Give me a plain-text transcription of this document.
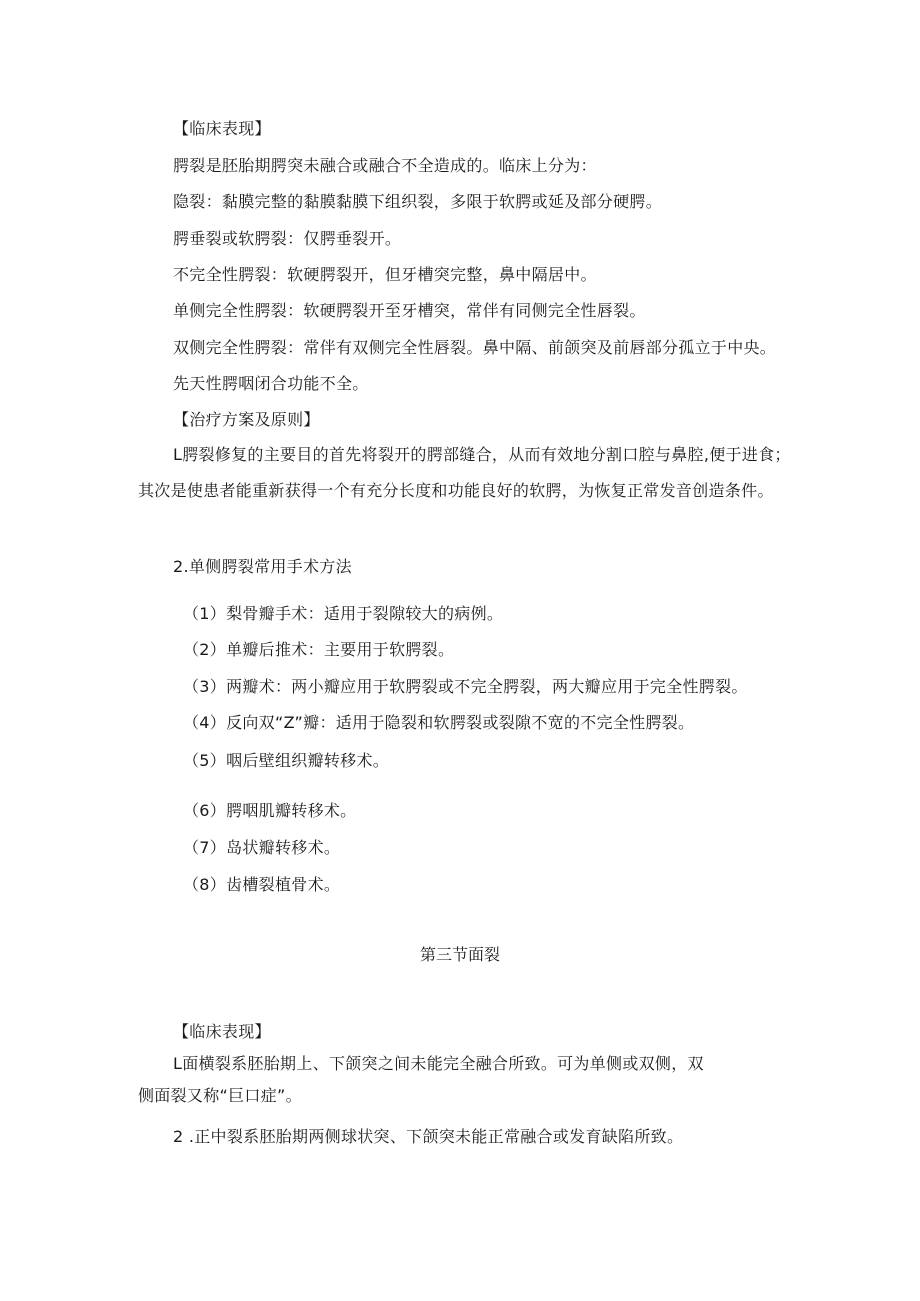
【临床表现】
腭裂是胚胎期腭突未融合或融合不全造成的。临床上分为：
隐裂：黏膜完整的黏膜黏膜下组织裂，多限于软腭或延及部分硬腭。
腭垂裂或软腭裂：仅腭垂裂开。
不完全性腭裂：软硬腭裂开，但牙槽突完整，鼻中隔居中。
单侧完全性腭裂：软硬腭裂开至牙槽突，常伴有同侧完全性唇裂。
双侧完全性腭裂：常伴有双侧完全性唇裂。鼻中隔、前颌突及前唇部分孤立于中央。
先天性腭咽闭合功能不全。
【治疗方案及原则】
L腭裂修复的主要目的首先将裂开的腭部缝合，从而有效地分割口腔与鼻腔,便于进食；其次是使患者能重新获得一个有充分长度和功能良好的软腭，为恢复正常发音创造条件。
2.单侧腭裂常用手术方法
（1）梨骨瓣手术：适用于裂隙较大的病例。
（2）单瓣后推术：主要用于软腭裂。
（3）两瓣术：两小瓣应用于软腭裂或不完全腭裂，两大瓣应用于完全性腭裂。
（4）反向双“Z”瓣：适用于隐裂和软腭裂或裂隙不宽的不完全性腭裂。
（5）咽后壁组织瓣转移术。
（6）腭咽肌瓣转移术。
（7）岛状瓣转移术。
（8）齿槽裂植骨术。
第三节面裂
【临床表现】
L面横裂系胚胎期上、下颌突之间未能完全融合所致。可为单侧或双侧，双
侧面裂又称“巨口症”。
2 .正中裂系胚胎期两侧球状突、下颌突未能正常融合或发育缺陷所致。
